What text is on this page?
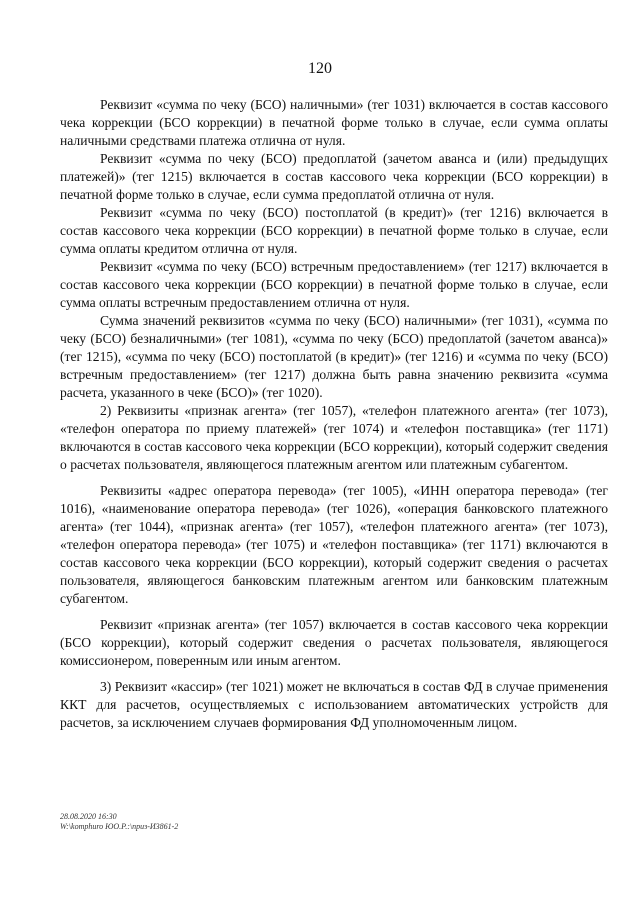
120

Реквизит «сумма по чеку (БСО) наличными» (тег 1031) включается в состав кассового чека коррекции (БСО коррекции) в печатной форме только в случае, если сумма оплаты наличными средствами платежа отлична от нуля.

Реквизит «сумма по чеку (БСО) предоплатой (зачетом аванса и (или) предыдущих платежей)» (тег 1215) включается в состав кассового чека коррекции (БСО коррекции) в печатной форме только в случае, если сумма предоплатой отлична от нуля.

Реквизит «сумма по чеку (БСО) постоплатой (в кредит)» (тег 1216) включается в состав кассового чека коррекции (БСО коррекции) в печатной форме только в случае, если сумма оплаты кредитом отлична от нуля.

Реквизит «сумма по чеку (БСО) встречным предоставлением» (тег 1217) включается в состав кассового чека коррекции (БСО коррекции) в печатной форме только в случае, если сумма оплаты встречным предоставлением отлична от нуля.

Сумма значений реквизитов «сумма по чеку (БСО) наличными» (тег 1031), «сумма по чеку (БСО) безналичными» (тег 1081), «сумма по чеку (БСО) предоплатой (зачетом аванса)» (тег 1215), «сумма по чеку (БСО) постоплатой (в кредит)» (тег 1216) и «сумма по чеку (БСО) встречным предоставлением» (тег 1217) должна быть равна значению реквизита «сумма расчета, указанного в чеке (БСО)» (тег 1020).

2) Реквизиты «признак агента» (тег 1057), «телефон платежного агента» (тег 1073), «телефон оператора по приему платежей» (тег 1074) и «телефон поставщика» (тег 1171) включаются в состав кассового чека коррекции (БСО коррекции), который содержит сведения о расчетах пользователя, являющегося платежным агентом или платежным субагентом.

Реквизиты «адрес оператора перевода» (тег 1005), «ИНН оператора перевода» (тег 1016), «наименование оператора перевода» (тег 1026), «операция банковского платежного агента» (тег 1044), «признак агента» (тег 1057), «телефон платежного агента» (тег 1073), «телефон оператора перевода» (тег 1075) и «телефон поставщика» (тег 1171) включаются в состав кассового чека коррекции (БСО коррекции), который содержит сведения о расчетах пользователя, являющегося банковским платежным агентом или банковским платежным субагентом.

Реквизит «признак агента» (тег 1057) включается в состав кассового чека коррекции (БСО коррекции), который содержит сведения о расчетах пользователя, являющегося комиссионером, поверенным или иным агентом.

3) Реквизит «кассир» (тег 1021) может не включаться в состав ФД в случае применения ККТ для расчетов, осуществляемых с использованием автоматических устройств для расчетов, за исключением случаев формирования ФД уполномоченным лицом.

28.08.2020 16:30
W:\komphuro ЮО.Р.:\приз-И3861-2
